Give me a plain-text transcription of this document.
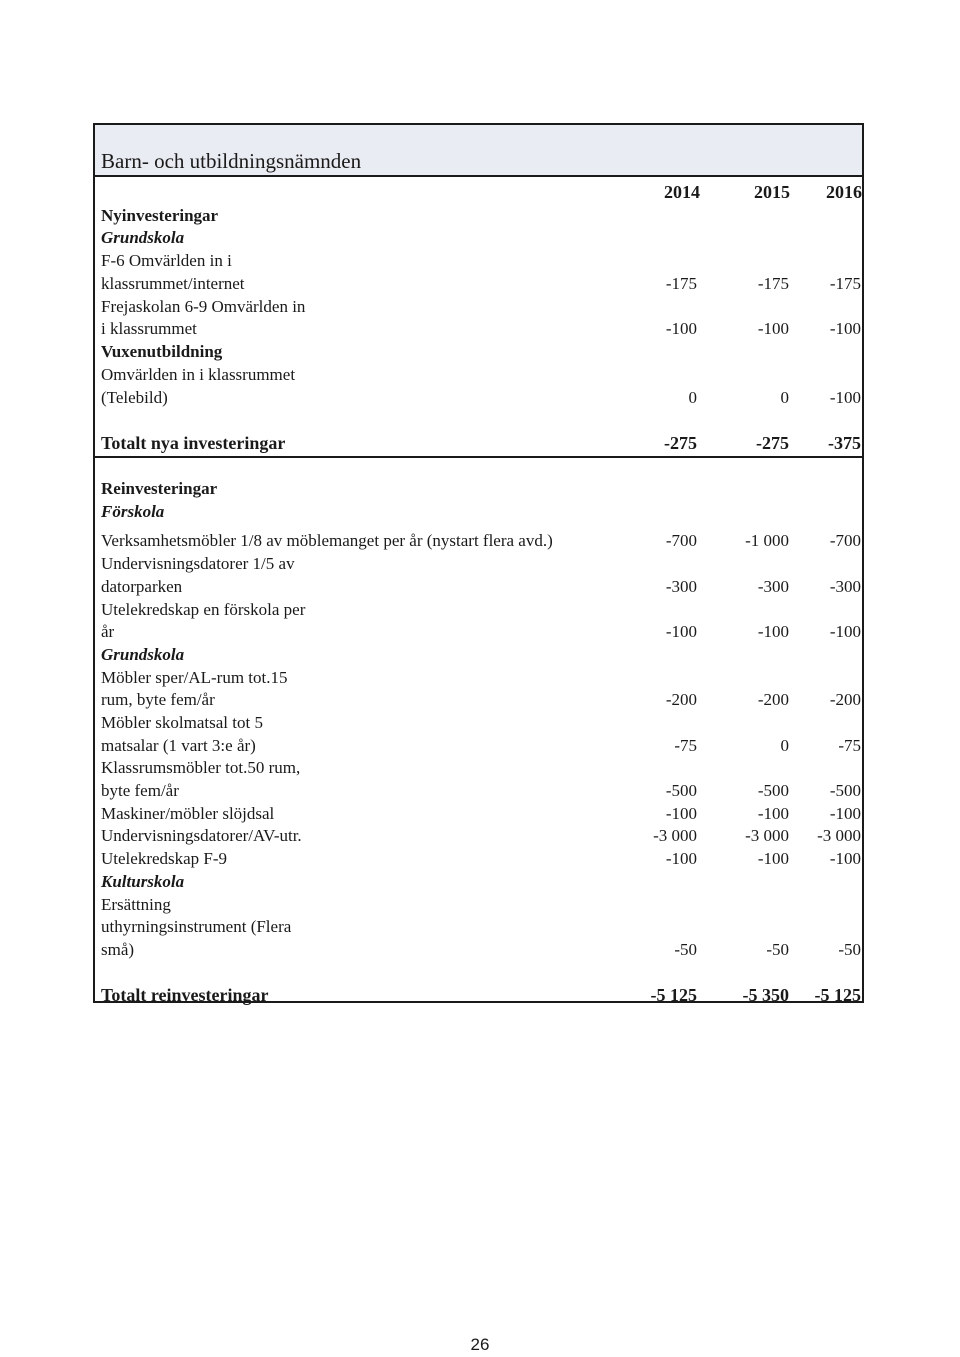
Barn- och utbildningsnämnden
2014	2015	2016
Nyinvesteringar
Grundskola
F-6 Omvärlden in i
klassrummet/internet	-175	-175	-175
Frejaskolan 6-9 Omvärlden in
i klassrummet	-100	-100	-100
Vuxenutbildning
Omvärlden in i klassrummet
(Telebild)	0	0	-100
Totalt nya investeringar	-275	-275	-375
Reinvesteringar
Förskola
Verksamhetsmöbler 1/8 av möblemanget per år (nystart flera avd.)	-700	-1 000	-700
Undervisningsdatorer 1/5 av
datorparken	-300	-300	-300
Utelekredskap en förskola per
år	-100	-100	-100
Grundskola
Möbler sper/AL-rum tot.15
rum, byte fem/år	-200	-200	-200
Möbler skolmatsal tot 5
matsalar (1 vart 3:e år)	-75	0	-75
Klassrumsmöbler tot.50 rum,
byte fem/år	-500	-500	-500
Maskiner/möbler slöjdsal	-100	-100	-100
Undervisningsdatorer/AV-utr.	-3 000	-3 000	-3 000
Utelekredskap F-9	-100	-100	-100
Kulturskola
Ersättning
uthyrningsinstrument (Flera
små)	-50	-50	-50
Totalt reinvesteringar	-5 125	-5 350	-5 125
26
